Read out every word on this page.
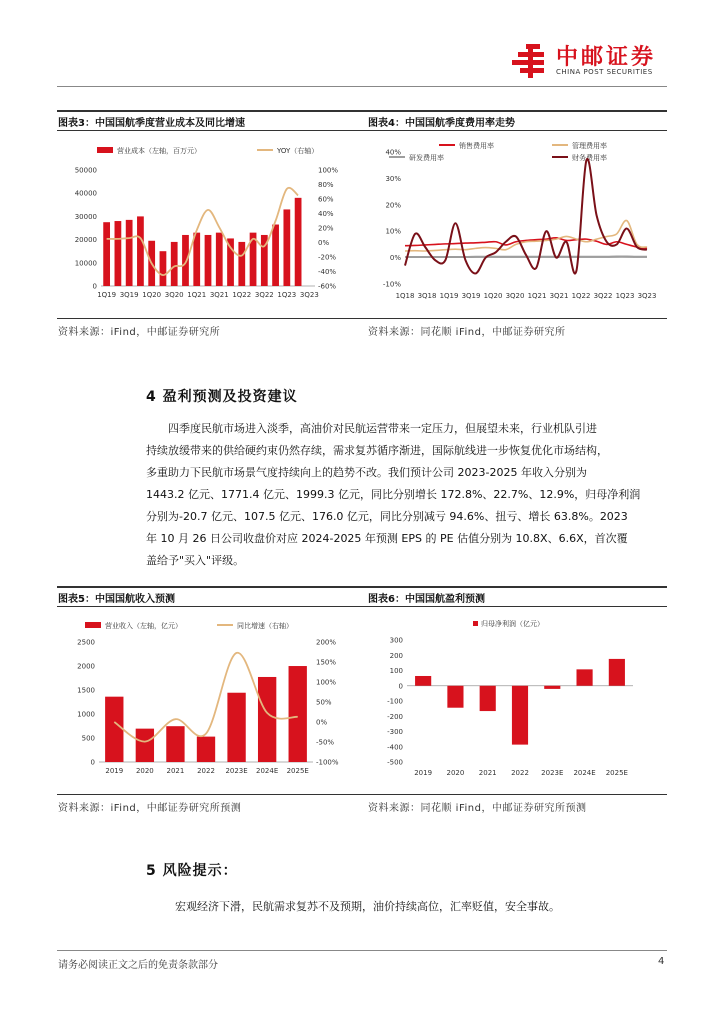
中邮证券
CHINA POST SECURITIES
图表3：中国国航季度营业成本及同比增速	图表4：中国国航季度费用率走势
营业成本（左轴，百万元）	YOY（右轴）
0
10000
20000
30000
40000
50000
-60%
-40%
-20%
0%
20%
40%
60%
80%
100%
1Q19 3Q19 1Q20 3Q20 1Q21 3Q21 1Q22 3Q22 1Q23 3Q23
销售费用率	管理费用率
研发费用率	财务费用率
-10%
0%
10%
20%
30%
40%
1Q18 3Q18 1Q19 3Q19 1Q20 3Q20 1Q21 3Q21 1Q22 3Q22 1Q23 3Q23
资料来源：iFind，中邮证券研究所	资料来源：同花顺 iFind，中邮证券研究所
4 盈利预测及投资建议
四季度民航市场进入淡季，高油价对民航运营带来一定压力，但展望未来，行业机队引进
持续放缓带来的供给硬约束仍然存续，需求复苏循序渐进，国际航线进一步恢复优化市场结构，
多重助力下民航市场景气度持续向上的趋势不改。我们预计公司 2023-2025 年收入分别为
1443.2 亿元、1771.4 亿元、1999.3 亿元，同比分别增长 172.8%、22.7%、12.9%，归母净利润
分别为-20.7 亿元、107.5 亿元、176.0 亿元，同比分别减亏 94.6%、扭亏、增长 63.8%。2023
年 10 月 26 日公司收盘价对应 2024-2025 年预测 EPS 的 PE 估值分别为 10.8X、6.6X，首次覆
盖给予"买入"评级。
图表5：中国国航收入预测	图表6：中国国航盈利预测
营业收入（左轴，亿元）	同比增速（右轴）
0
500
1000
1500
2000
2500
-100%
-50%
0%
50%
100%
150%
200%
2019 2020 2021 2022 2023E 2024E 2025E
归母净利润（亿元）
-500
-400
-300
-200
-100
0
100
200
300
2019 2020 2021 2022 2023E 2024E 2025E
资料来源：iFind，中邮证券研究所预测	资料来源：同花顺 iFind，中邮证券研究所预测
5 风险提示：
宏观经济下滑，民航需求复苏不及预期，油价持续高位，汇率贬值，安全事故。
请务必阅读正文之后的免责条款部分	4
